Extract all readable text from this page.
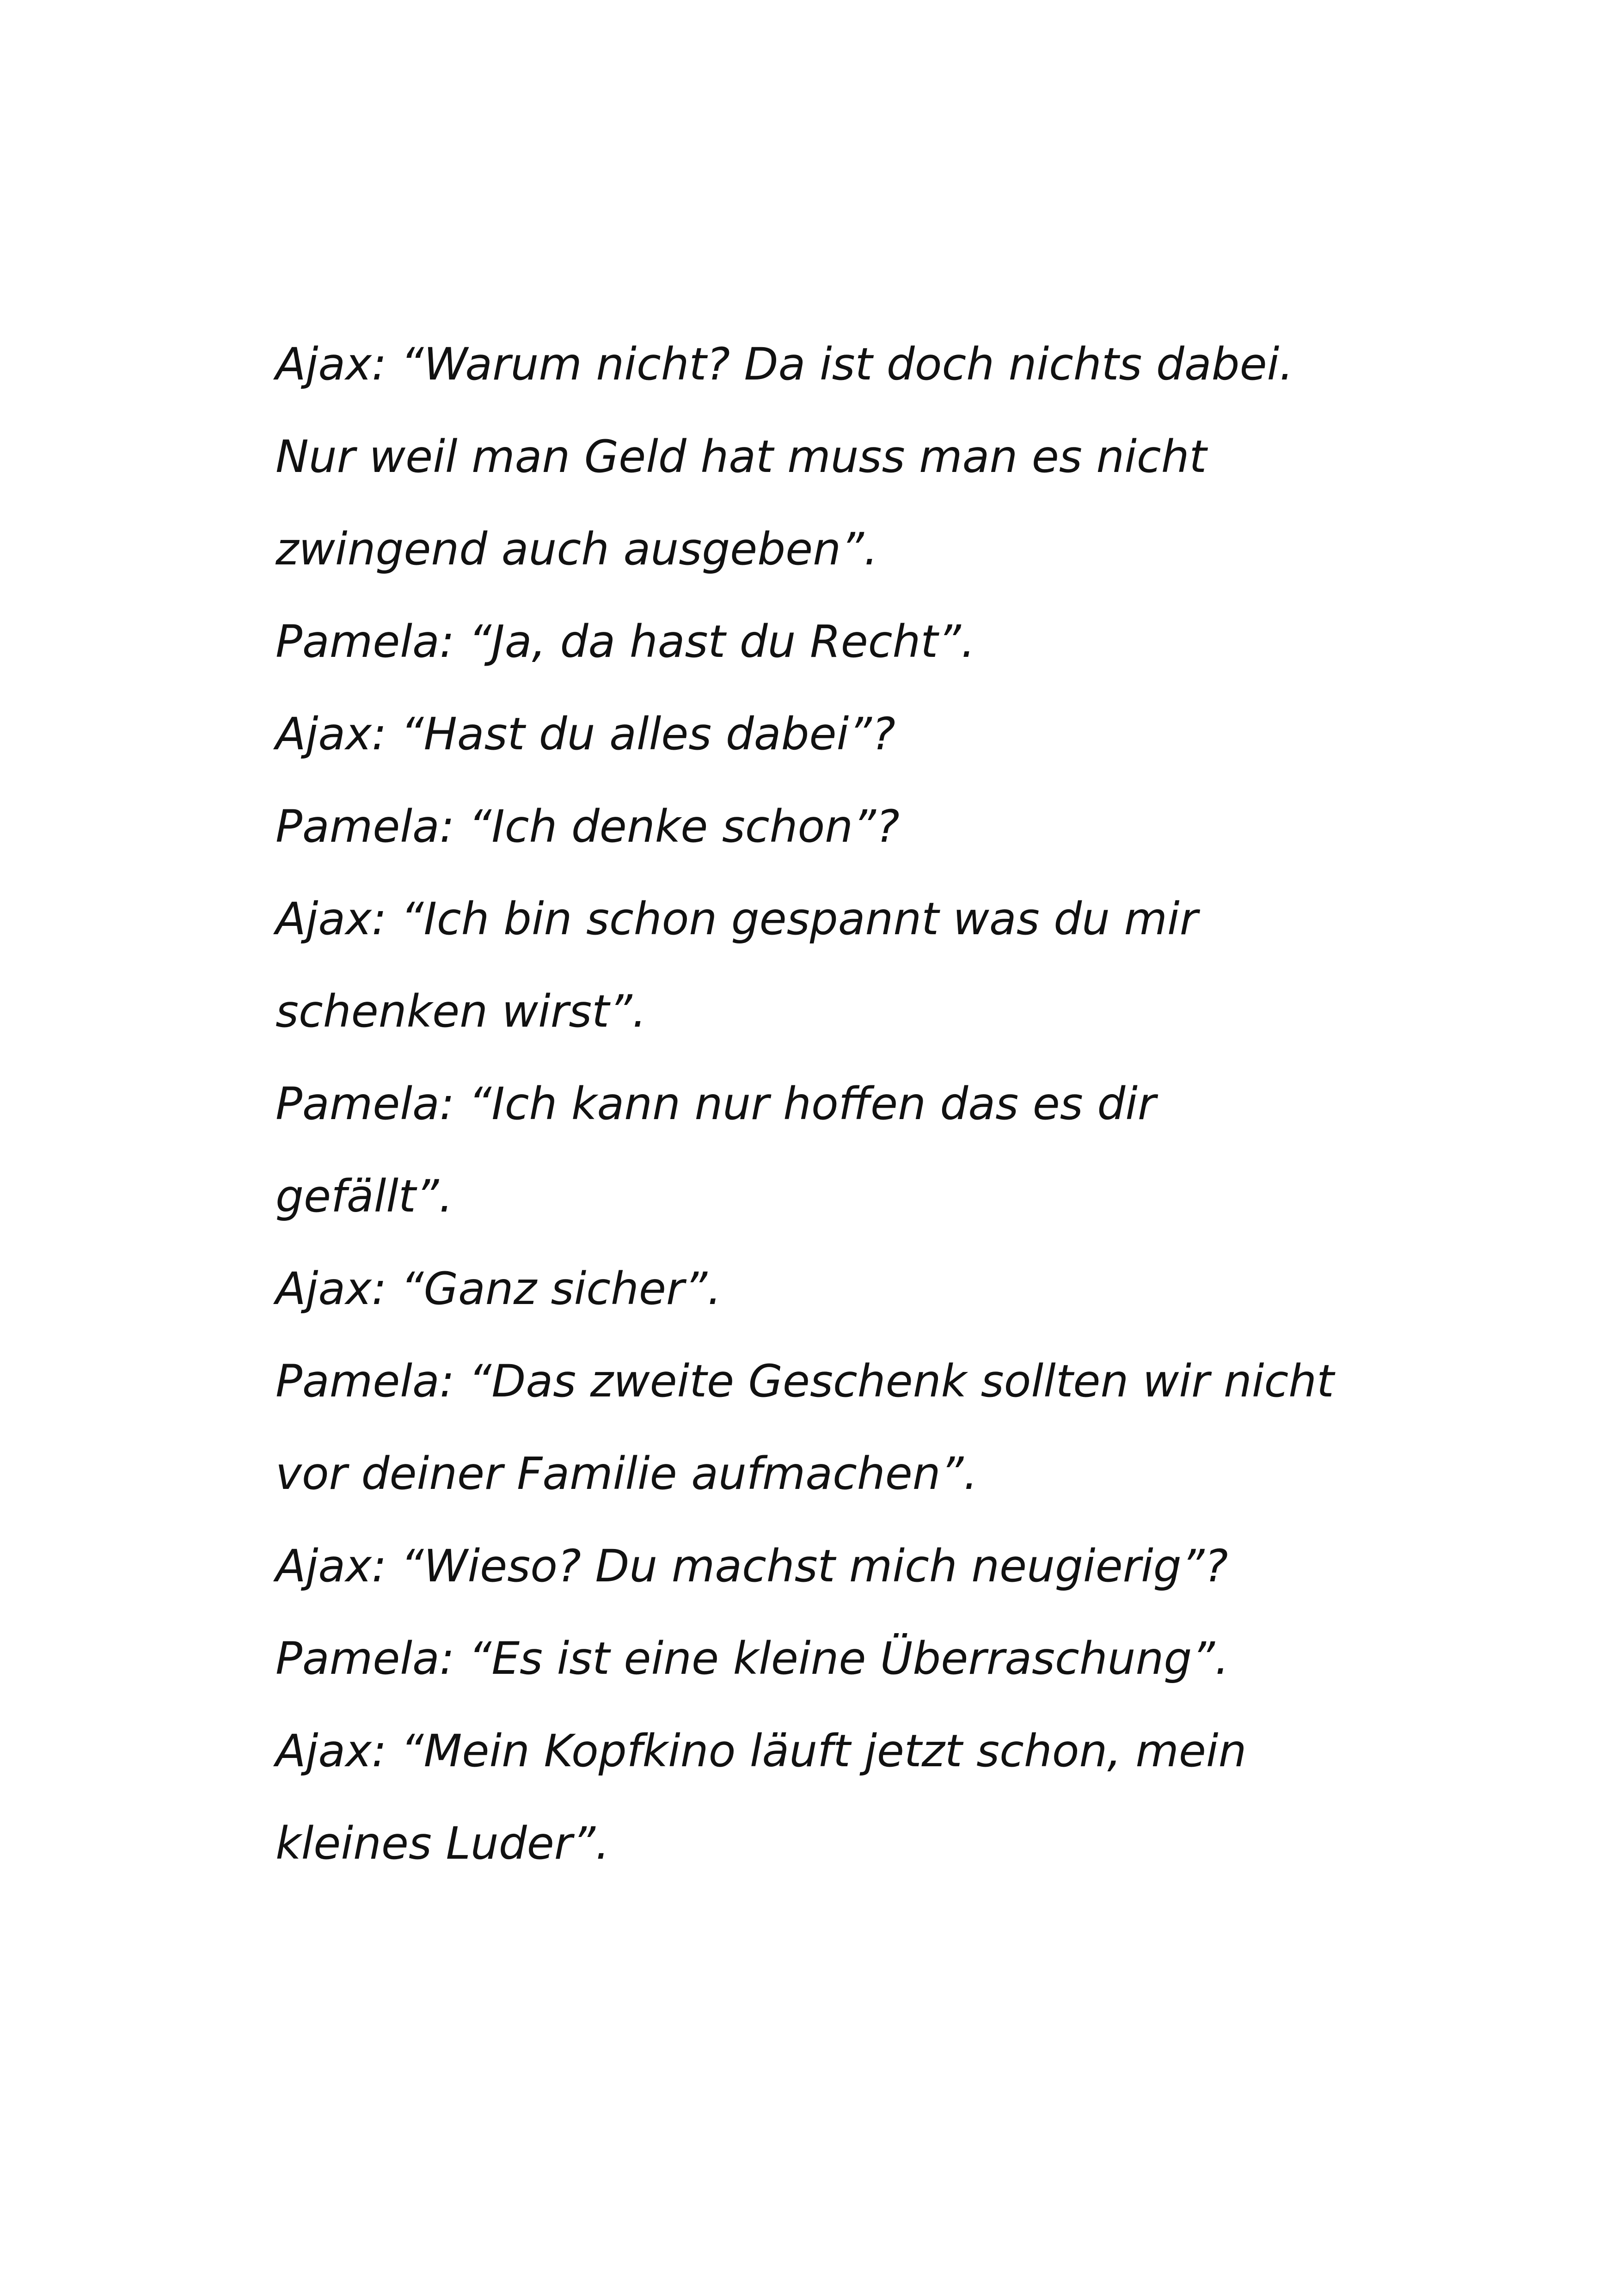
Ajax: “Warum nicht? Da ist doch nichts dabei.
Nur weil man Geld hat muss man es nicht
zwingend auch ausgeben”.
Pamela: “Ja, da hast du Recht”.
Ajax: “Hast du alles dabei”?
Pamela: “Ich denke schon”?
Ajax: “Ich bin schon gespannt was du mir
schenken wirst”.
Pamela: “Ich kann nur hoffen das es dir
gefällt”.
Ajax: “Ganz sicher”.
Pamela: “Das zweite Geschenk sollten wir nicht
vor deiner Familie aufmachen”.
Ajax: “Wieso? Du machst mich neugierig”?
Pamela: “Es ist eine kleine Überraschung”.
Ajax: “Mein Kopfkino läuft jetzt schon, mein
kleines Luder”.
